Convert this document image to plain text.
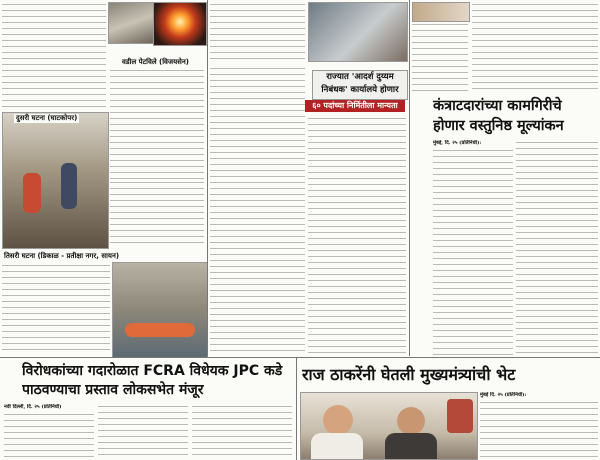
वडील पेटविले (विजयसेन)
दुसरी घटना (घाटकोपर)
तिसरी घटना (डिकाळ - प्रतीक्षा नगर, सायन)
राज्यात 'आदर्श दुय्यम निबंधक' कार्यालये होणार
६० पदांच्या निर्मितीला मान्यता	कंत्राटदारांच्या कामगिरीचे होणार वस्तुनिष्ठ मूल्यांकन
मुंबई, दि. २५ (प्रतिनिधी):
विरोधकांच्या गदारोळात FCRA विधेयक JPC कडे पाठवण्याचा प्रस्ताव लोकसभेत मंजूर
नवी दिल्ली, दि. २५ (प्रतिनिधी)
राज ठाकरेंनी घेतली मुख्यमंत्र्यांची भेट
मुंबई दि. २५ (प्रतिनिधी):
